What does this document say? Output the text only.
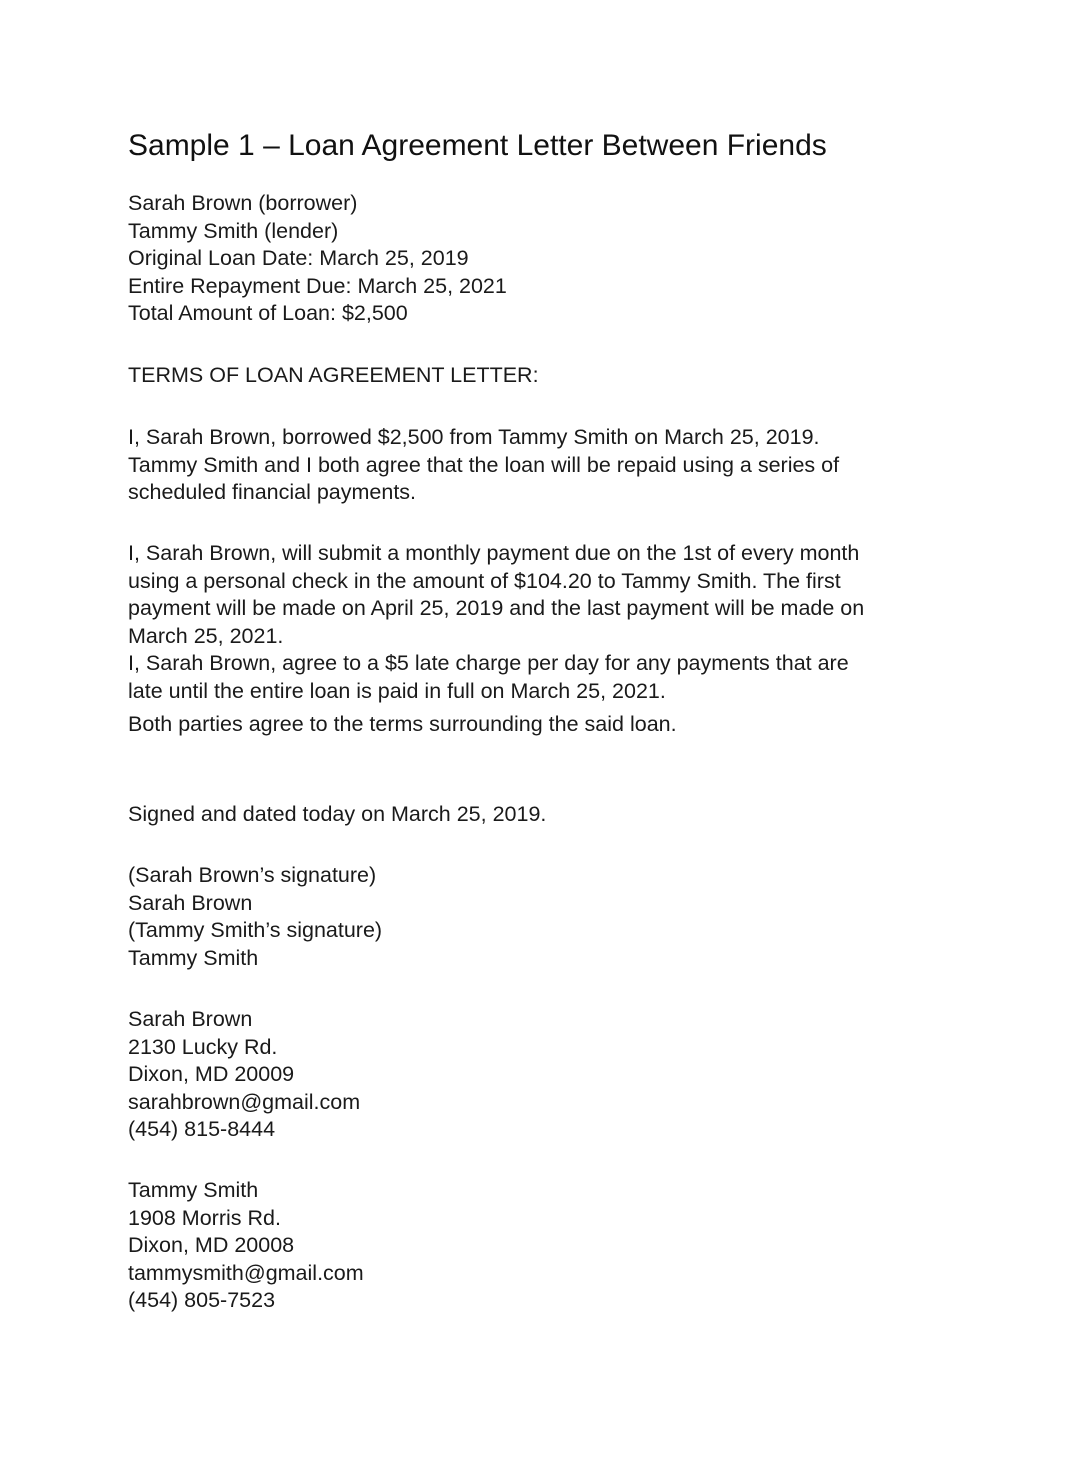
Sample 1 – Loan Agreement Letter Between Friends
Sarah Brown (borrower)
Tammy Smith (lender)
Original Loan Date: March 25, 2019
Entire Repayment Due: March 25, 2021
Total Amount of Loan: $2,500
TERMS OF LOAN AGREEMENT LETTER:
I, Sarah Brown, borrowed $2,500 from Tammy Smith on March 25, 2019.
Tammy Smith and I both agree that the loan will be repaid using a series of
scheduled financial payments.
I, Sarah Brown, will submit a monthly payment due on the 1st of every month
using a personal check in the amount of $104.20 to Tammy Smith. The first
payment will be made on April 25, 2019 and the last payment will be made on
March 25, 2021.
I, Sarah Brown, agree to a $5 late charge per day for any payments that are
late until the entire loan is paid in full on March 25, 2021.
Both parties agree to the terms surrounding the said loan.
Signed and dated today on March 25, 2019.
(Sarah Brown’s signature)
Sarah Brown
(Tammy Smith’s signature)
Tammy Smith
Sarah Brown
2130 Lucky Rd.
Dixon, MD 20009
sarahbrown@gmail.com
(454) 815-8444
Tammy Smith
1908 Morris Rd.
Dixon, MD 20008
tammysmith@gmail.com
(454) 805-7523
